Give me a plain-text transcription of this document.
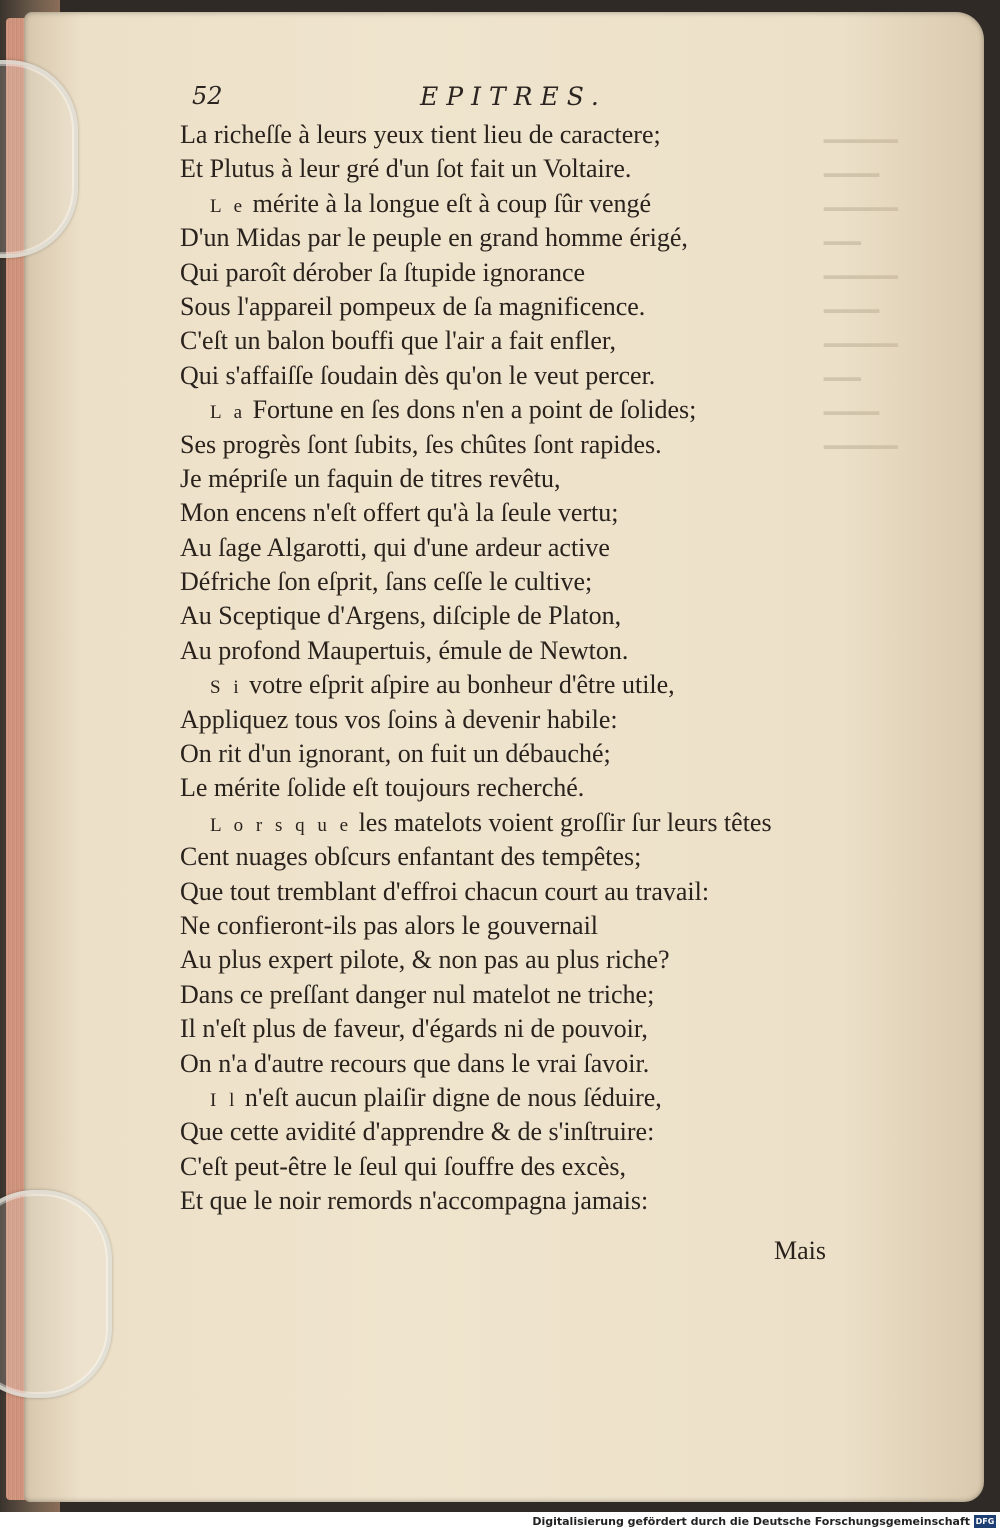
▁▁▁▁
▁▁▁
▁▁▁▁
▁▁
▁▁▁▁
▁▁▁
▁▁▁▁
▁▁
▁▁▁
▁▁▁▁
52	EPITRES.
La richeſſe à leurs yeux tient lieu de caractere;
Et Plutus à leur gré d'un ſot fait un Voltaire.
L e mérite à la longue eſt à coup ſûr vengé
D'un Midas par le peuple en grand homme érigé,
Qui paroît dérober ſa ſtupide ignorance
Sous l'appareil pompeux de ſa magnificence.
C'eſt un balon bouffi que l'air a fait enfler,
Qui s'affaiſſe ſoudain dès qu'on le veut percer.
L a Fortune en ſes dons n'en a point de ſolides;
Ses progrès ſont ſubits, ſes chûtes ſont rapides.
Je mépriſe un faquin de titres revêtu,
Mon encens n'eſt offert qu'à la ſeule vertu;
Au ſage Algarotti, qui d'une ardeur active
Défriche ſon eſprit, ſans ceſſe le cultive;
Au Sceptique d'Argens, diſciple de Platon,
Au profond Maupertuis, émule de Newton.
S i votre eſprit aſpire au bonheur d'être utile,
Appliquez tous vos ſoins à devenir habile:
On rit d'un ignorant, on fuit un débauché;
Le mérite ſolide eſt toujours recherché.
L o r s q u e les matelots voient groſſir ſur leurs têtes
Cent nuages obſcurs enfantant des tempêtes;
Que tout tremblant d'effroi chacun court au travail:
Ne confieront-ils pas alors le gouvernail
Au plus expert pilote, & non pas au plus riche?
Dans ce preſſant danger nul matelot ne triche;
Il n'eſt plus de faveur, d'égards ni de pouvoir,
On n'a d'autre recours que dans le vrai ſavoir.
I l n'eſt aucun plaiſir digne de nous ſéduire,
Que cette avidité d'apprendre & de s'inſtruire:
C'eſt peut-être le ſeul qui ſouffre des excès,
Et que le noir remords n'accompagna jamais:
Mais
Digitalisierung gefördert durch die Deutsche Forschungsgemeinschaft DFG
